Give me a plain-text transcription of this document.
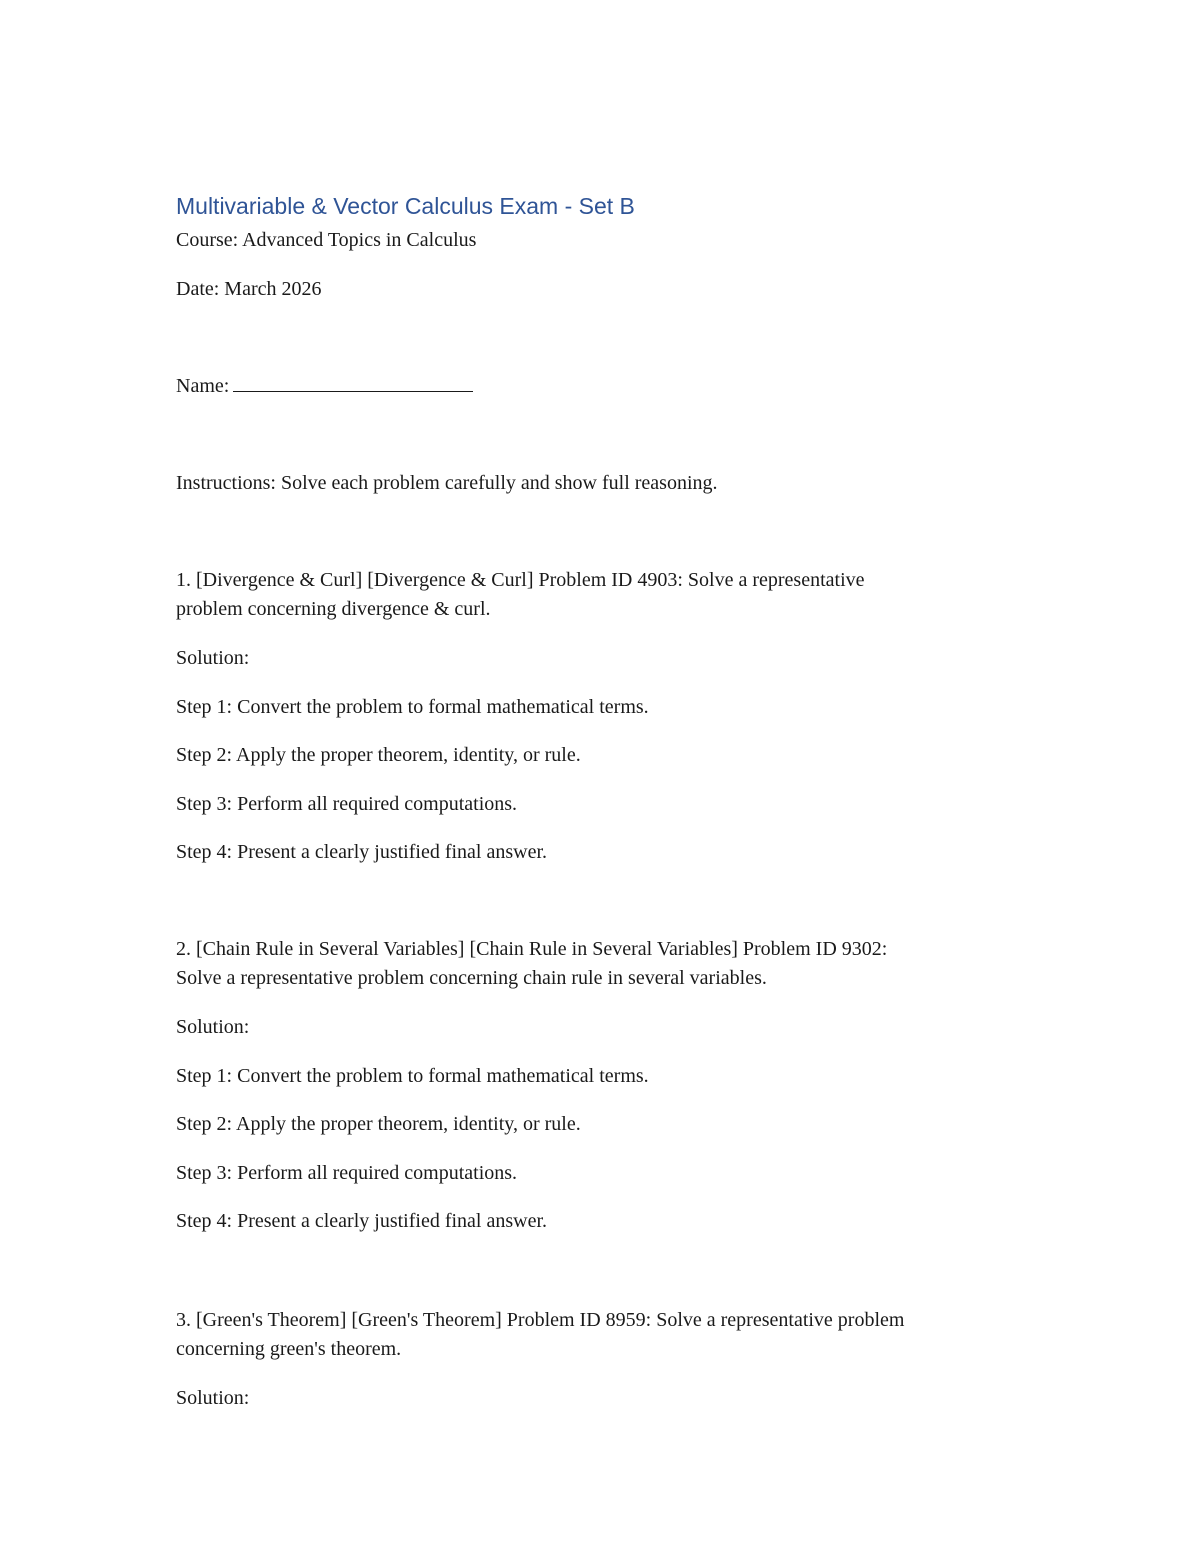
Multivariable & Vector Calculus Exam - Set B

Course: Advanced Topics in Calculus

Date: March 2026

Name:

Instructions: Solve each problem carefully and show full reasoning.

1. [Divergence & Curl] [Divergence & Curl] Problem ID 4903: Solve a representative

problem concerning divergence & curl.

Solution:

Step 1: Convert the problem to formal mathematical terms.

Step 2: Apply the proper theorem, identity, or rule.

Step 3: Perform all required computations.

Step 4: Present a clearly justified final answer.

2. [Chain Rule in Several Variables] [Chain Rule in Several Variables] Problem ID 9302:

Solve a representative problem concerning chain rule in several variables.

Solution:

Step 1: Convert the problem to formal mathematical terms.

Step 2: Apply the proper theorem, identity, or rule.

Step 3: Perform all required computations.

Step 4: Present a clearly justified final answer.

3. [Green's Theorem] [Green's Theorem] Problem ID 8959: Solve a representative problem

concerning green's theorem.

Solution:
